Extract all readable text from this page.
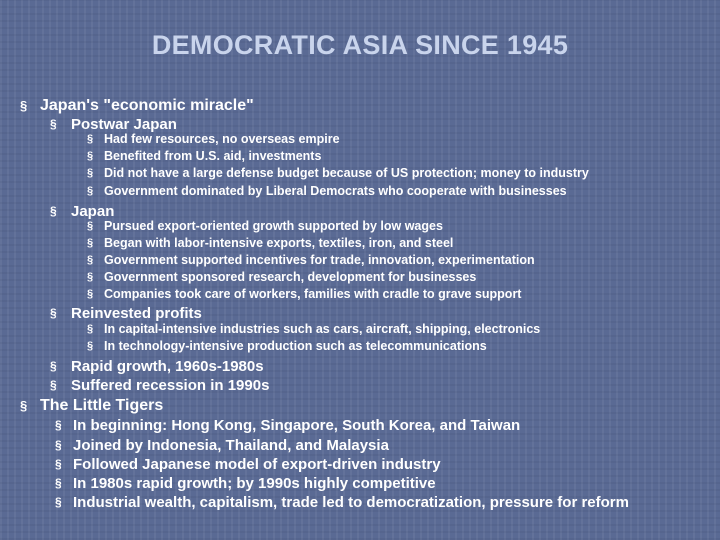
DEMOCRATIC ASIA SINCE 1945
§ Japan's "economic miracle"
§ Postwar Japan
§ Had few resources, no overseas empire
§ Benefited from U.S. aid, investments
§ Did not have a large defense budget because of US protection; money to industry
§ Government dominated by Liberal Democrats who cooperate with businesses
§ Japan
§ Pursued export-oriented growth supported by low wages
§ Began with labor-intensive exports, textiles, iron, and steel
§ Government supported incentives for trade, innovation, experimentation
§ Government sponsored research, development for businesses
§ Companies took care of workers, families with cradle to grave support
§ Reinvested profits
§ In capital-intensive industries such as cars, aircraft, shipping, electronics
§ In technology-intensive production such as telecommunications
§ Rapid growth, 1960s-1980s
§ Suffered recession in 1990s
§ The Little Tigers
§ In beginning: Hong Kong, Singapore, South Korea, and Taiwan
§ Joined by Indonesia, Thailand, and Malaysia
§ Followed Japanese model of export-driven industry
§ In 1980s rapid growth; by 1990s highly competitive
§ Industrial wealth, capitalism, trade led to democratization, pressure for reform
